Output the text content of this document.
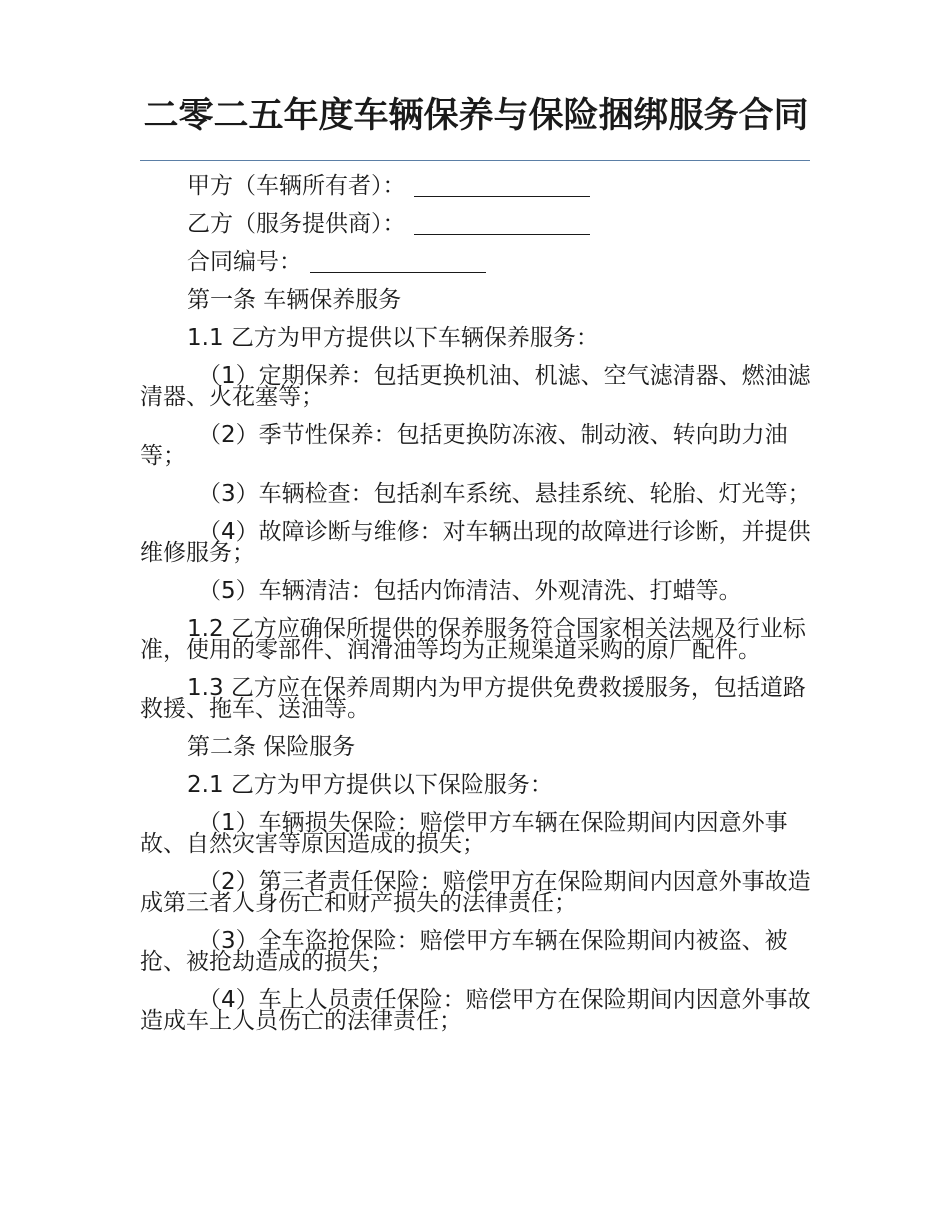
二零二五年度车辆保养与保险捆绑服务合同

甲方（车辆所有者）：

乙方（服务提供商）：

合同编号：

第一条 车辆保养服务

1.1 乙方为甲方提供以下车辆保养服务：

（1）定期保养：包括更换机油、机滤、空气滤清器、燃油滤清器、火花塞等；

（2）季节性保养：包括更换防冻液、制动液、转向助力油等；

（3）车辆检查：包括刹车系统、悬挂系统、轮胎、灯光等；

（4）故障诊断与维修：对车辆出现的故障进行诊断，并提供维修服务；

（5）车辆清洁：包括内饰清洁、外观清洗、打蜡等。

1.2 乙方应确保所提供的保养服务符合国家相关法规及行业标准，使用的零部件、润滑油等均为正规渠道采购的原厂配件。

1.3 乙方应在保养周期内为甲方提供免费救援服务，包括道路救援、拖车、送油等。

第二条 保险服务

2.1 乙方为甲方提供以下保险服务：

（1）车辆损失保险：赔偿甲方车辆在保险期间内因意外事故、自然灾害等原因造成的损失；

（2）第三者责任保险：赔偿甲方在保险期间内因意外事故造成第三者人身伤亡和财产损失的法律责任；

（3）全车盗抢保险：赔偿甲方车辆在保险期间内被盗、被抢、被抢劫造成的损失；

（4）车上人员责任保险：赔偿甲方在保险期间内因意外事故造成车上人员伤亡的法律责任；
